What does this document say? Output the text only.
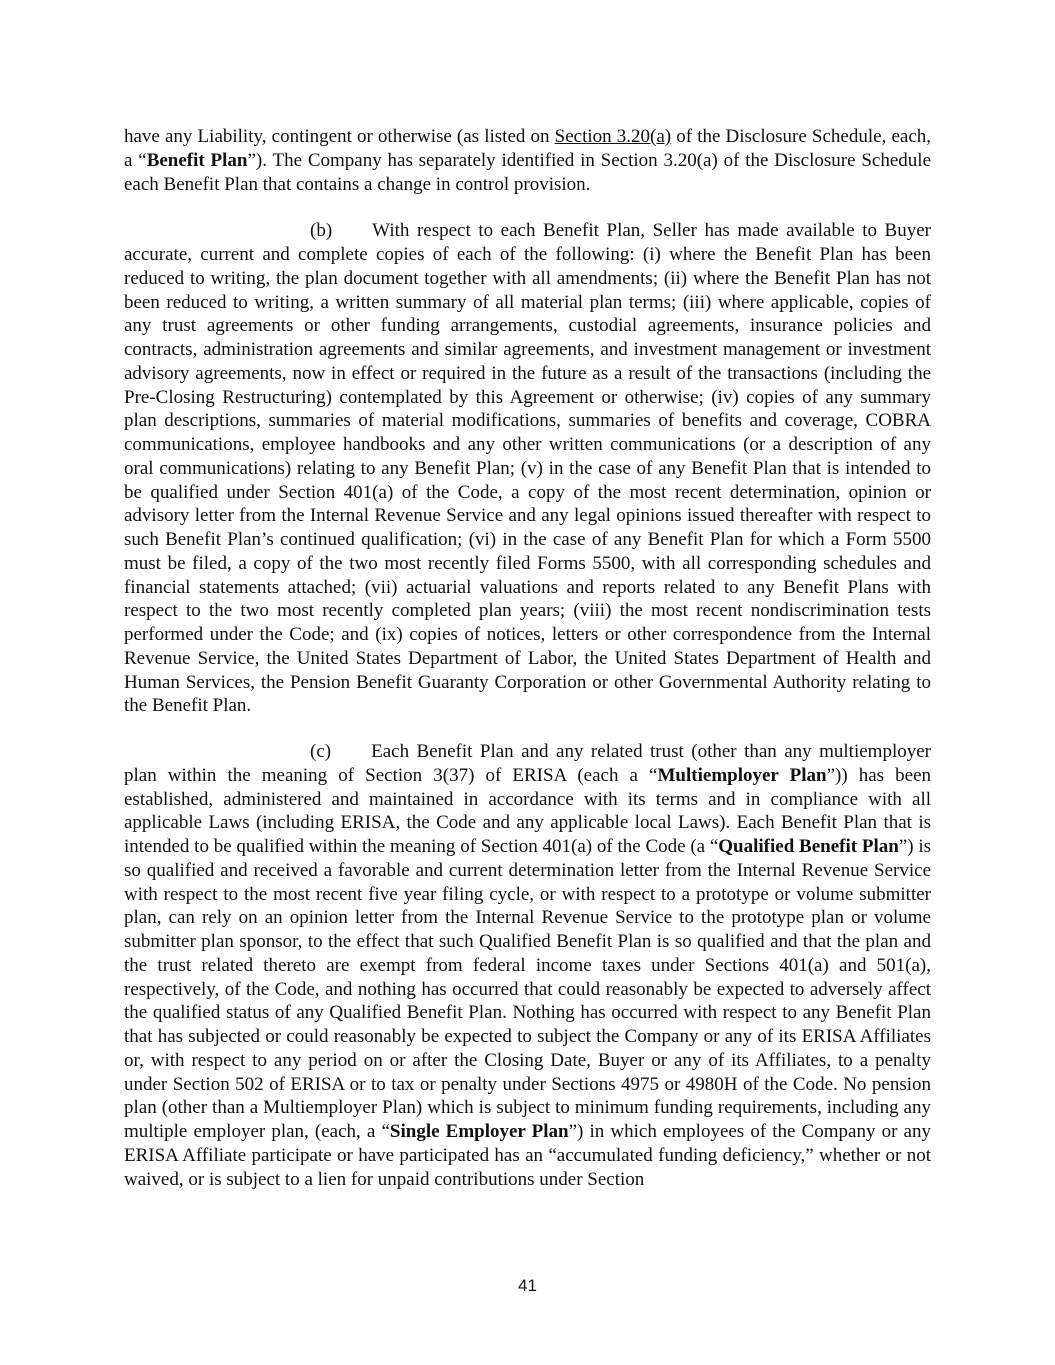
have any Liability, contingent or otherwise (as listed on Section 3.20(a) of the Disclosure Schedule, each, a “Benefit Plan”). The Company has separately identified in Section 3.20(a) of the Disclosure Schedule each Benefit Plan that contains a change in control provision.

(b) With respect to each Benefit Plan, Seller has made available to Buyer accurate, current and complete copies of each of the following: (i) where the Benefit Plan has been reduced to writing, the plan document together with all amendments; (ii) where the Benefit Plan has not been reduced to writing, a written summary of all material plan terms; (iii) where applicable, copies of any trust agreements or other funding arrangements, custodial agreements, insurance policies and contracts, administration agreements and similar agreements, and investment management or investment advisory agreements, now in effect or required in the future as a result of the transactions (including the Pre-Closing Restructuring) contemplated by this Agreement or otherwise; (iv) copies of any summary plan descriptions, summaries of material modifications, summaries of benefits and coverage, COBRA communications, employee handbooks and any other written communications (or a description of any oral communications) relating to any Benefit Plan; (v) in the case of any Benefit Plan that is intended to be qualified under Section 401(a) of the Code, a copy of the most recent determination, opinion or advisory letter from the Internal Revenue Service and any legal opinions issued thereafter with respect to such Benefit Plan’s continued qualification; (vi) in the case of any Benefit Plan for which a Form 5500 must be filed, a copy of the two most recently filed Forms 5500, with all corresponding schedules and financial statements attached; (vii) actuarial valuations and reports related to any Benefit Plans with respect to the two most recently completed plan years; (viii) the most recent nondiscrimination tests performed under the Code; and (ix) copies of notices, letters or other correspondence from the Internal Revenue Service, the United States Department of Labor, the United States Department of Health and Human Services, the Pension Benefit Guaranty Corporation or other Governmental Authority relating to the Benefit Plan.

(c) Each Benefit Plan and any related trust (other than any multiemployer plan within the meaning of Section 3(37) of ERISA (each a “Multiemployer Plan”)) has been established, administered and maintained in accordance with its terms and in compliance with all applicable Laws (including ERISA, the Code and any applicable local Laws). Each Benefit Plan that is intended to be qualified within the meaning of Section 401(a) of the Code (a “Qualified Benefit Plan”) is so qualified and received a favorable and current determination letter from the Internal Revenue Service with respect to the most recent five year filing cycle, or with respect to a prototype or volume submitter plan, can rely on an opinion letter from the Internal Revenue Service to the prototype plan or volume submitter plan sponsor, to the effect that such Qualified Benefit Plan is so qualified and that the plan and the trust related thereto are exempt from federal income taxes under Sections 401(a) and 501(a), respectively, of the Code, and nothing has occurred that could reasonably be expected to adversely affect the qualified status of any Qualified Benefit Plan. Nothing has occurred with respect to any Benefit Plan that has subjected or could reasonably be expected to subject the Company or any of its ERISA Affiliates or, with respect to any period on or after the Closing Date, Buyer or any of its Affiliates, to a penalty under Section 502 of ERISA or to tax or penalty under Sections 4975 or 4980H of the Code. No pension plan (other than a Multiemployer Plan) which is subject to minimum funding requirements, including any multiple employer plan, (each, a “Single Employer Plan”) in which employees of the Company or any ERISA Affiliate participate or have participated has an “accumulated funding deficiency,” whether or not waived, or is subject to a lien for unpaid contributions under Section

41
